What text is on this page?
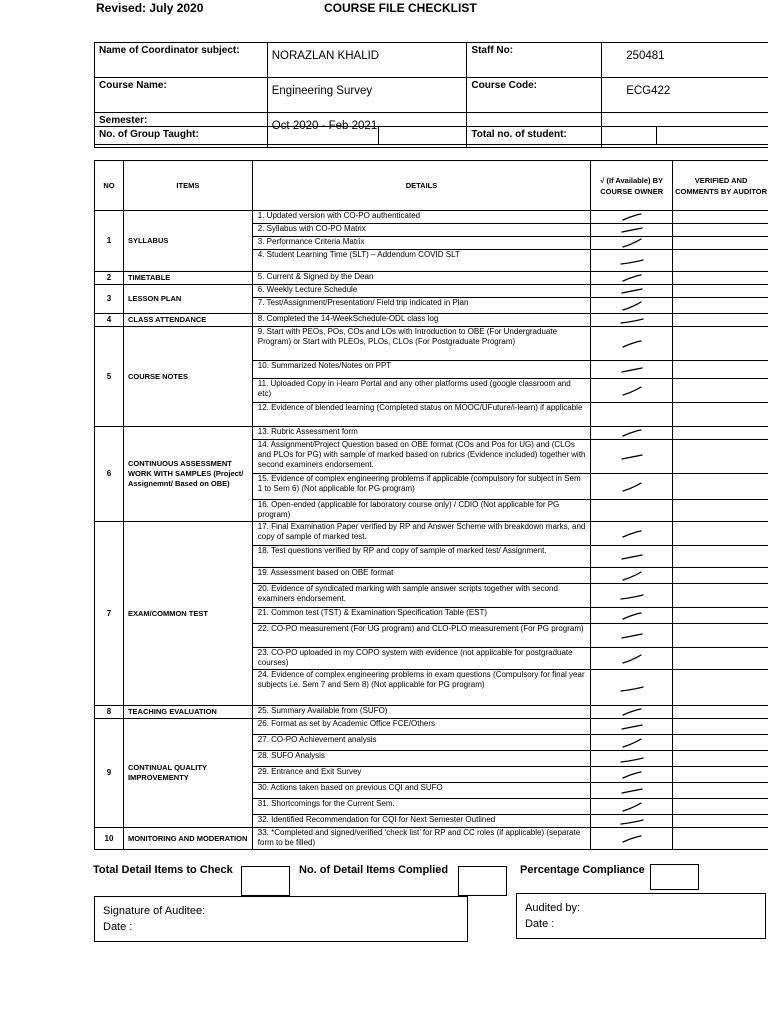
Revised: July 2020	COURSE FILE CHECKLIST
Name of Coordinator subject:	NORAZLAN KHALID	Staff No:	250481
Course Name:	Engineering Survey	Course Code:	ECG422
Semester:	Oct 2020 - Feb 2021		
No. of Group Taught:			Total no. of student:		
NO	ITEMS	DETAILS	√ (If Available) BY COURSE OWNER	VERIFIED AND COMMENTS BY AUDITOR
1	SYLLABUS	1. Updated version with CO-PO authenticated	

		2. Syllabus with CO-PO Matrix	

		3. Performance Criteria Matrix	

		4. Student Learning Time (SLT) – Addendum COVID SLT	

2	TIMETABLE	5. Current & Signed by the Dean	

3	LESSON PLAN	6. Weekly Lecture Schedule	

		7. Test/Assignment/Presentation/ Field trip indicated in Plan	

4	CLASS ATTENDANCE	8. Completed the 14-WeekSchedule-ODL class log	

5	COURSE NOTES	9. Start with PEOs, POs, COs and LOs with Introduction to OBE (For Undergraduate Program) or Start with PLEOs, PLOs, CLOs (For Postgraduate Program)	

		10. Summarized Notes/Notes on PPT	

		11. Uploaded Copy in i-learn Portal and any other platforms used (google classroom and etc)	

		12. Evidence of blended learning (Completed status on MOOC/UFuture/i-learn) if applicable		
6	CONTINUOUS ASSESSMENT WORK WITH SAMPLES (Project/ Assignemnt/ Based on OBE)	13. Rubric Assessment form	

		14. Assignment/Project Question based on OBE format (COs and Pos for UG) and (CLOs and PLOs for PG) with sample of marked based on rubrics (Evidence included) together with second examiners endorsement.	

		15. Evidence of complex engineering problems if applicable (compulsory for subject in Sem 1 to Sem 6) (Not applicable for PG program)	

		16. Open-ended (applicable for laboratory course only) / CDIO (Not applicable for PG program)		
7	EXAM/COMMON TEST	17. Final Examination Paper verified by RP and Answer Scheme with breakdown marks, and copy of sample of marked test.	

		18. Test questions verified by RP and copy of sample of marked test/ Assignment.	

		19. Assessment based on OBE format	

		20. Evidence of syndicated marking with sample answer scripts together with second examiners endorsement.	

		21. Common test (TST) & Examination Specification Table (EST)	

		22. CO-PO measurement (For UG program) and CLO-PLO measurement (For PG program)	

		23. CO-PO uploaded in my COPO system with evidence (not applicable for postgraduate courses)	

		24. Evidence of complex engineering problems in exam questions (Compulsory for final year subjects i.e. Sem 7 and Sem 8) (Not applicable for PG program)	

8	TEACHING EVALUATION	25. Summary Available from (SUFO)	

9	CONTINUAL QUALITY IMPROVEMENTY	26. Format as set by Academic Office FCE/Others	

		27. CO-PO Achievement analysis	

		28. SUFO Analysis	

		29. Entrance and Exit Survey	

		30. Actions taken based on previous CQI and SUFO	

		31. Shortcomings for the Current Sem.	

		32. Identified Recommendation for CQI for Next Semester Outlined	

10	MONITORING AND MODERATION	33. *Completed and signed/verified ‘check list’ for RP and CC roles (if applicable) (separate form to be filled)	

Total Detail Items to Check	No. of Detail Items Complied	Percentage Compliance
Signature of Auditee:
Date :
Audited by:
Date :
